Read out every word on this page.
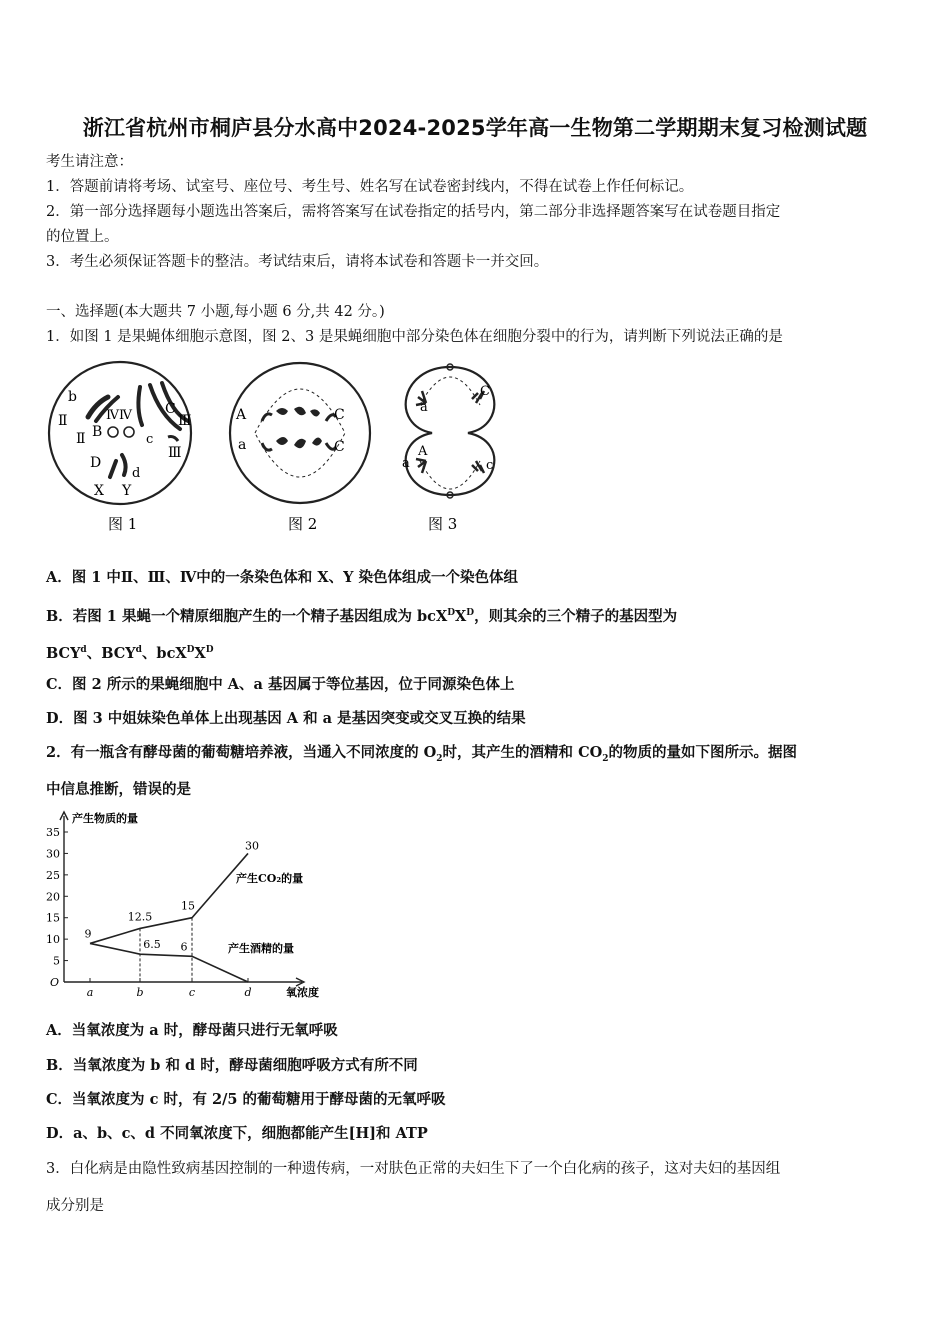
浙江省杭州市桐庐县分水高中2024-2025学年高一生物第二学期期末复习检测试题
考生请注意：
1．答题前请将考场、试室号、座位号、考生号、姓名写在试卷密封线内，不得在试卷上作任何标记。
2．第一部分选择题每小题选出答案后，需将答案写在试卷指定的括号内，第二部分非选择题答案写在试卷题目指定
的位置上。
3．考生必须保证答题卡的整洁。考试结束后，请将本试卷和答题卡一并交回。
一、选择题(本大题共 7 小题,每小题 6 分,共 42 分。)
1．如图 1 是果蝇体细胞示意图，图 2、3 是果蝇细胞中部分染色体在细胞分裂中的行为，请判断下列说法正确的是
b
Ⅱ	ⅣⅣ C
Ⅲ
B
Ⅱ	c
Ⅲ
D
d
X Y
图 1
A
a
C
C
图 2
a
C
A
a	c
图 3
A．图 1 中Ⅱ、Ⅲ、Ⅳ中的一条染色体和 X、Y 染色体组成一个染色体组
B．若图 1 果蝇一个精原细胞产生的一个精子基因组成为 $bcX^DX^D$，则其余的三个精子的基因型为
BCY$^d$、BCY$^d$、$bcX^DX^D$
C．图 2 所示的果蝇细胞中 A、a 基因属于等位基因，位于同源染色体上
D．图 3 中姐妹染色单体上出现基因 A 和 a 是基因突变或交叉互换的结果
2．有一瓶含有酵母菌的葡萄糖培养液，当通入不同浓度的 $O_2$时，其产生的酒精和 $CO_2$的物质的量如下图所示。据图
中信息推断，错误的是
产生物质的量
氧浓度
O
产生CO₂的量
产生酒精的量
5
10
15
20
25
30
35
a	b	c	d
9
12.5
15
30
6.5 6
A．当氧浓度为 a 时，酵母菌只进行无氧呼吸
B．当氧浓度为 b 和 d 时，酵母菌细胞呼吸方式有所不同
C．当氧浓度为 c 时，有 2/5 的葡萄糖用于酵母菌的无氧呼吸
D．a、b、c、d 不同氧浓度下，细胞都能产生[H]和 ATP
3．白化病是由隐性致病基因控制的一种遗传病，一对肤色正常的夫妇生下了一个白化病的孩子，这对夫妇的基因组
成分别是
